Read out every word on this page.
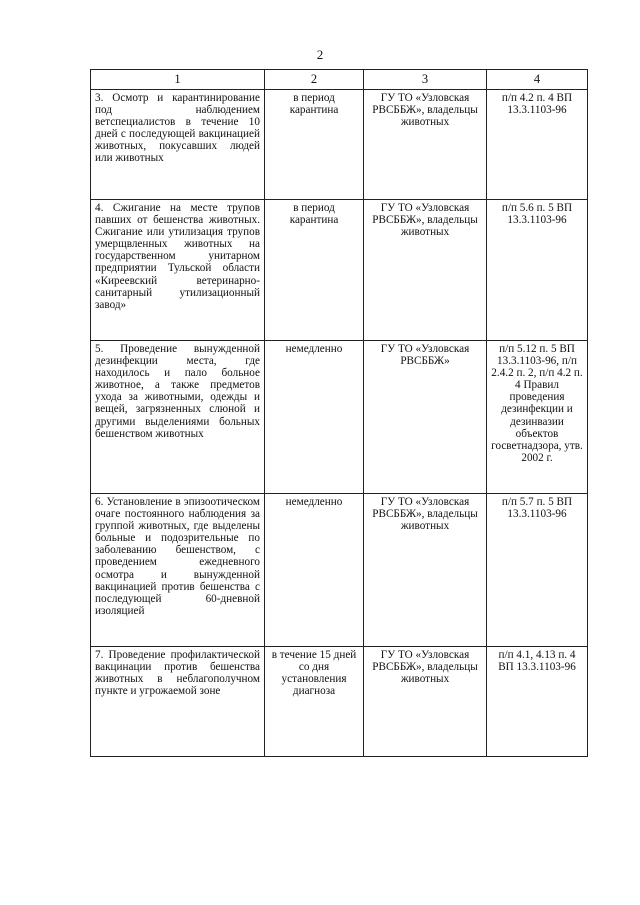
2
1	2	3	4
3. Осмотр и карантинирование под наблюдением ветспециалистов в течение 10 дней с последующей вакцинацией животных, покусавших людей или животных	в период карантина	ГУ ТО «Узловская РВСББЖ», владельцы животных	п/п 4.2 п. 4 ВП 13.3.1103-96
4. Сжигание на месте трупов павших от бешенства животных. Сжигание или утилизация трупов умерщвленных животных на государственном унитарном предприятии Тульской области «Киреевский ветеринарно-санитарный утилизационный завод»	в период карантина	ГУ ТО «Узловская РВСББЖ», владельцы животных	п/п 5.6 п. 5 ВП 13.3.1103-96
5. Проведение вынужденной дезинфекции места, где находилось и пало больное животное, а также предметов ухода за животными, одежды и вещей, загрязненных слюной и другими выделениями больных бешенством животных	немедленно	ГУ ТО «Узловская РВСББЖ»	п/п 5.12 п. 5 ВП 13.3.1103-96, п/п 2.4.2 п. 2, п/п 4.2 п. 4 Правил проведения дезинфекции и дезинвазии объектов госветнадзора, утв. 2002 г.
6. Установление в эпизоотическом очаге постоянного наблюдения за группой животных, где выделены больные и подозрительные по заболеванию бешенством, с проведением ежедневного осмотра и вынужденной вакцинацией против бешенства с последующей 60-дневной изоляцией	немедленно	ГУ ТО «Узловская РВСББЖ», владельцы животных	п/п 5.7 п. 5 ВП 13.3.1103-96
7. Проведение профилактической вакцинации против бешенства животных в неблагополучном пункте и угрожаемой зоне	в течение 15 дней со дня установления диагноза	ГУ ТО «Узловская РВСББЖ», владельцы животных	п/п 4.1, 4.13 п. 4 ВП 13.3.1103-96
